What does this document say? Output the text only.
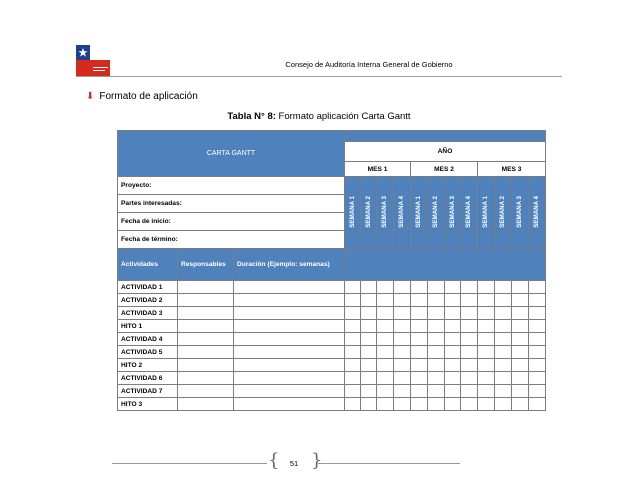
Consejo de Auditoría Interna General de Gobierno
⬇ Formato de aplicación
Tabla N° 8: Formato aplicación Carta Gantt
CARTA GANTT														
			AÑO											
			MES 1				MES 2				MES 3			
Proyecto:			SEMANA 1	SEMANA 2	SEMANA 3	SEMANA 4	SEMANA 1	SEMANA 2	SEMANA 3	SEMANA 4	SEMANA 1	SEMANA 2	SEMANA 3	SEMANA 4
Partes interesadas:														
Fecha de inicio:														
Fecha de término:														
Actividades	Responsables	Duración (Ejemplo: semanas)												
ACTIVIDAD 1														
ACTIVIDAD 2														
ACTIVIDAD 3														
HITO 1														
ACTIVIDAD 4														
ACTIVIDAD 5														
HITO 2														
ACTIVIDAD 6														
ACTIVIDAD 7														
HITO 3														
{ }
51
